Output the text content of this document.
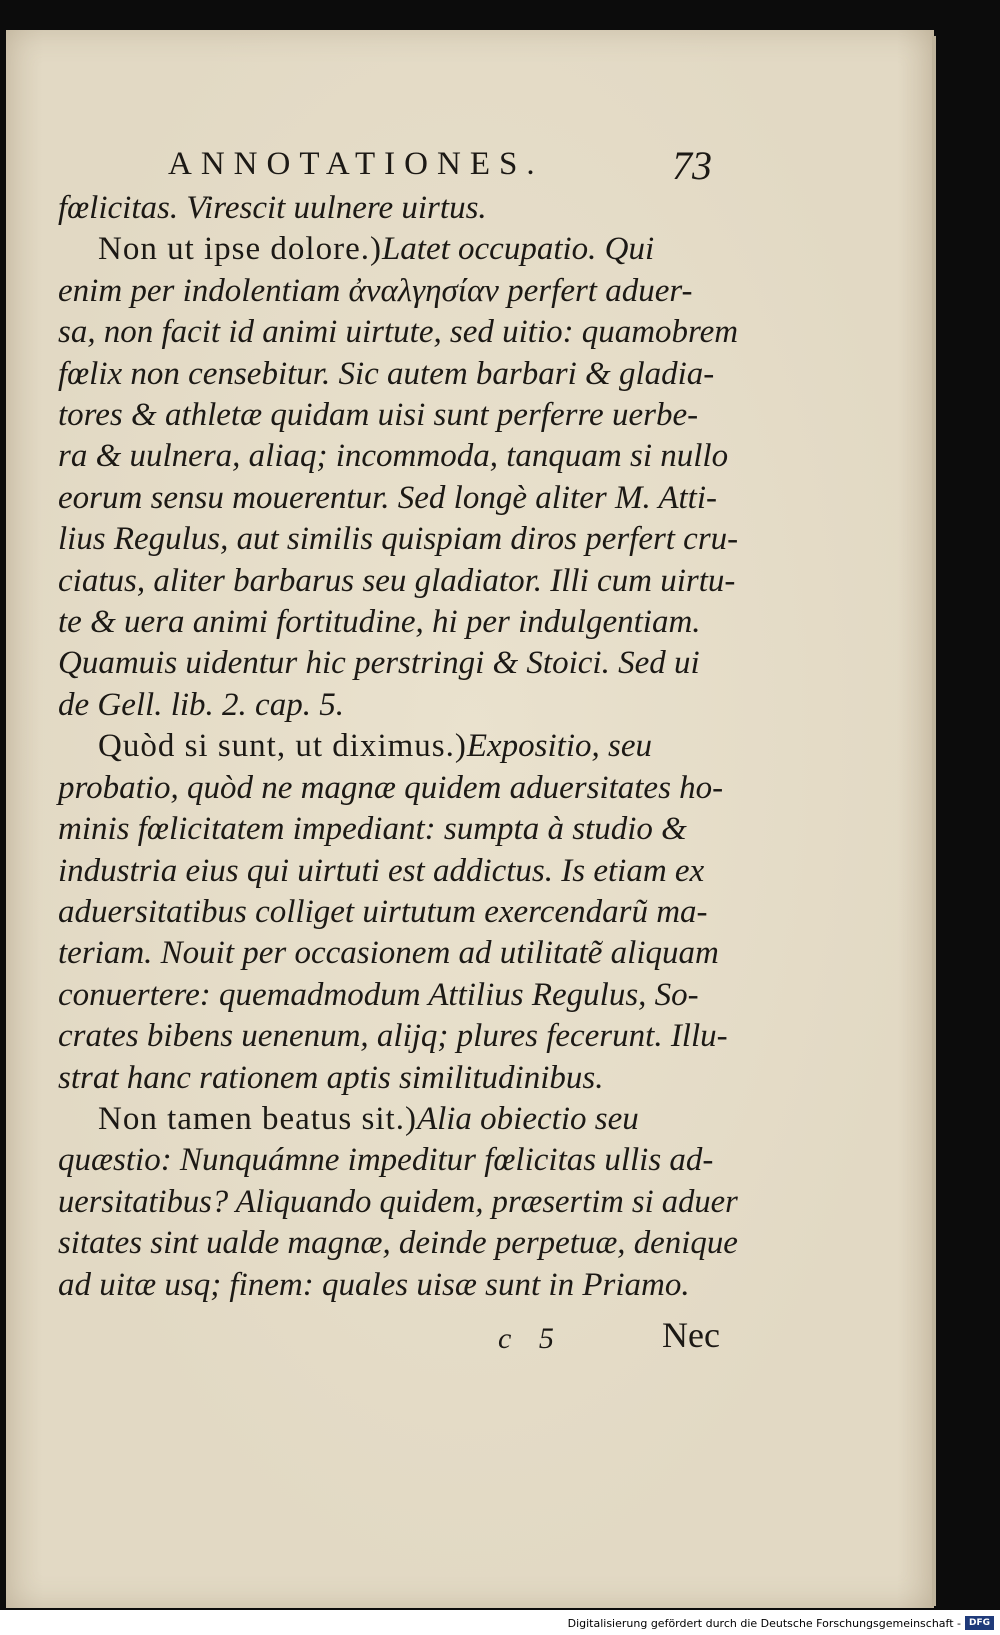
ANNOTATIONES.	73
fœlicitas. Virescit uulnere uirtus.
Non ut ipse dolore.)Latet occupatio. Qui
enim per indolentiam ἀναλγησίαν perfert aduer-
sa, non facit id animi uirtute, sed uitio: quamobrem
fœlix non censebitur. Sic autem barbari & gladia-
tores & athletæ quidam uisi sunt perferre uerbe-
ra & uulnera, aliaq; incommoda, tanquam si nullo
eorum sensu mouerentur. Sed longè aliter M. Atti-
lius Regulus, aut similis quispiam diros perfert cru-
ciatus, aliter barbarus seu gladiator. Illi cum uirtu-
te & uera animi fortitudine, hi per indulgentiam.
Quamuis uidentur hic perstringi & Stoici. Sed ui
de Gell. lib. 2. cap. 5.
Quòd si sunt, ut diximus.)Expositio, seu
probatio, quòd ne magnæ quidem aduersitates ho-
minis fœlicitatem impediant: sumpta à studio &
industria eius qui uirtuti est addictus. Is etiam ex
aduersitatibus colliget uirtutum exercendarũ ma-
teriam. Nouit per occasionem ad utilitatẽ aliquam
conuertere: quemadmodum Attilius Regulus, So-
crates bibens uenenum, alijq; plures fecerunt. Illu-
strat hanc rationem aptis similitudinibus.
Non tamen beatus sit.)Alia obiectio seu
quæstio: Nunquámne impeditur fœlicitas ullis ad-
uersitatibus? Aliquando quidem, præsertim si aduer
sitates sint ualde magnæ, deinde perpetuæ, denique
ad uitæ usq; finem: quales uisæ sunt in Priamo.
c 5	Nec
Digitalisierung gefördert durch die Deutsche Forschungsgemeinschaft - DFG
